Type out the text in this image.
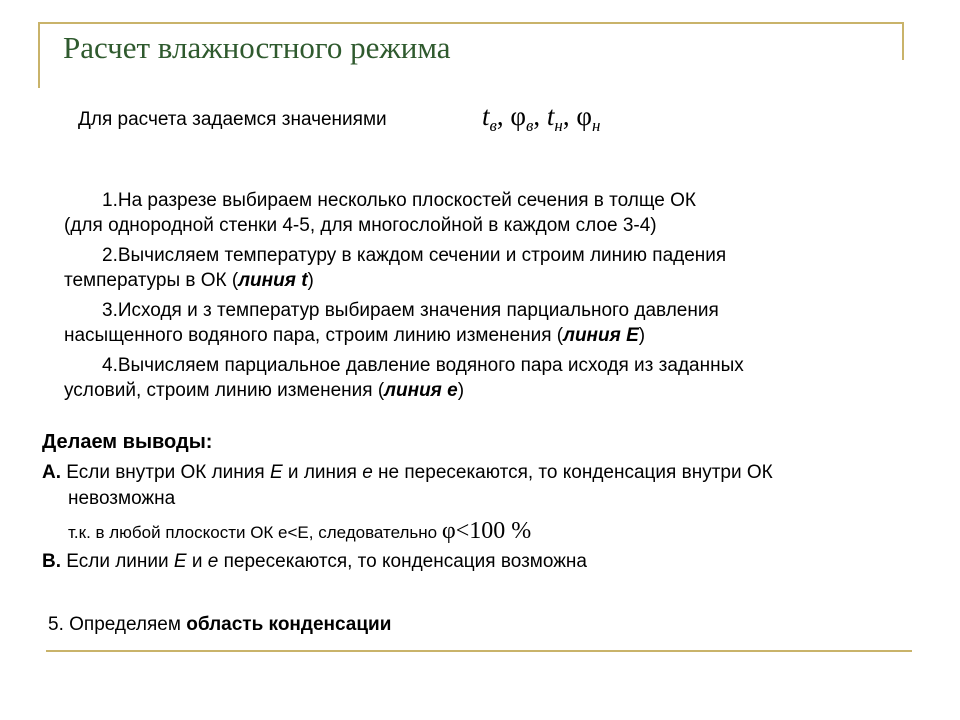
Расчет влажностного режима
Для расчета задаемся значениями	$t_в$, $\varphi_в$, $t_н$, $\varphi_н$
1.На разрезе выбираем несколько плоскостей сечения в толще ОК
(для однородной стенки 4-5, для многослойной в каждом слое 3-4)
2.Вычисляем температуру в каждом сечении и строим линию падения
температуры в ОК (линия t)
3.Исходя и з температур выбираем значения парциального давления
насыщенного водяного пара, строим линию изменения (линия E)
4.Вычисляем парциальное давление водяного пара исходя из заданных
условий, строим линию изменения (линия е)
Делаем выводы:
А. Если внутри ОК линия Е и линия е не пересекаются, то конденсация внутри ОК
невозможна
т.к. в любой плоскости ОК е<Е, следовательно φ<100 %
В. Если линии Е и е пересекаются, то конденсация возможна
5. Определяем область конденсации
